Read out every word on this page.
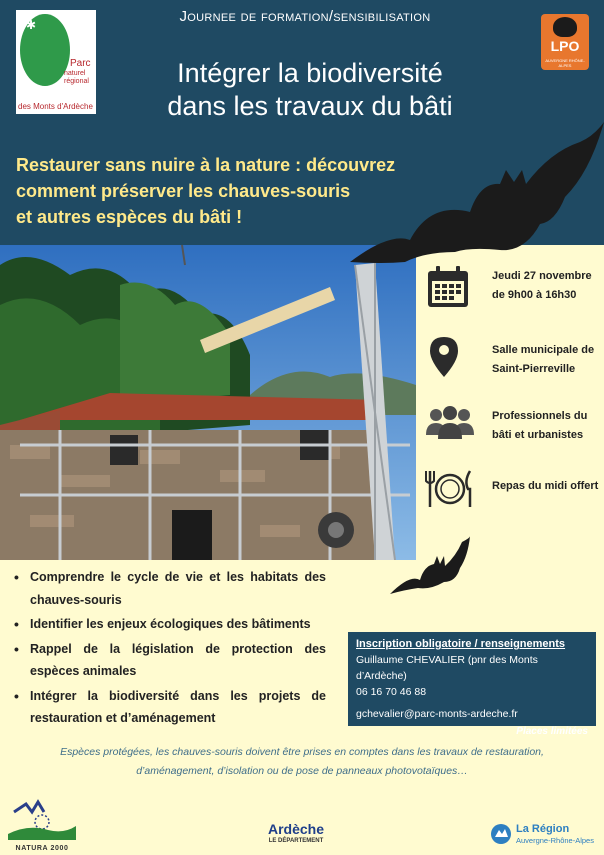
✱
Parc
naturel régional
des Monts d'Ardèche
Journee de formation/sensibilisation
Intégrer la biodiversité
dans les travaux du bâti
LPO
AUVERGNE RHÔNE-ALPES
Restaurer sans nuire à la nature : découvrez
comment préserver les chauves-souris
et autres espèces du bâti !
Jeudi 27 novembre
de 9h00 à 16h30
Salle municipale de
Saint-Pierreville
Professionnels du
bâti et urbanistes
Repas du midi offert
• Comprendre le cycle de vie et les habitats des chauves-souris
• Identifier les enjeux écologiques des bâtiments
• Rappel de la législation de protection des espèces animales
• Intégrer la biodiversité dans les projets de restauration et d’aménagement
Inscription obligatoire / renseignements
Guillaume CHEVALIER (pnr des Monts d’Ardèche)
06 16 70 46 88
gchevalier@parc-monts-ardeche.fr
Places limitées
Espèces protégées, les chauves-souris doivent être prises en comptes dans les travaux de restauration,
d’aménagement, d’isolation ou de pose de panneaux photovotaïques…
NATURA 2000
Ardèche
LE DÉPARTEMENT
La Région
Auvergne-Rhône-Alpes
